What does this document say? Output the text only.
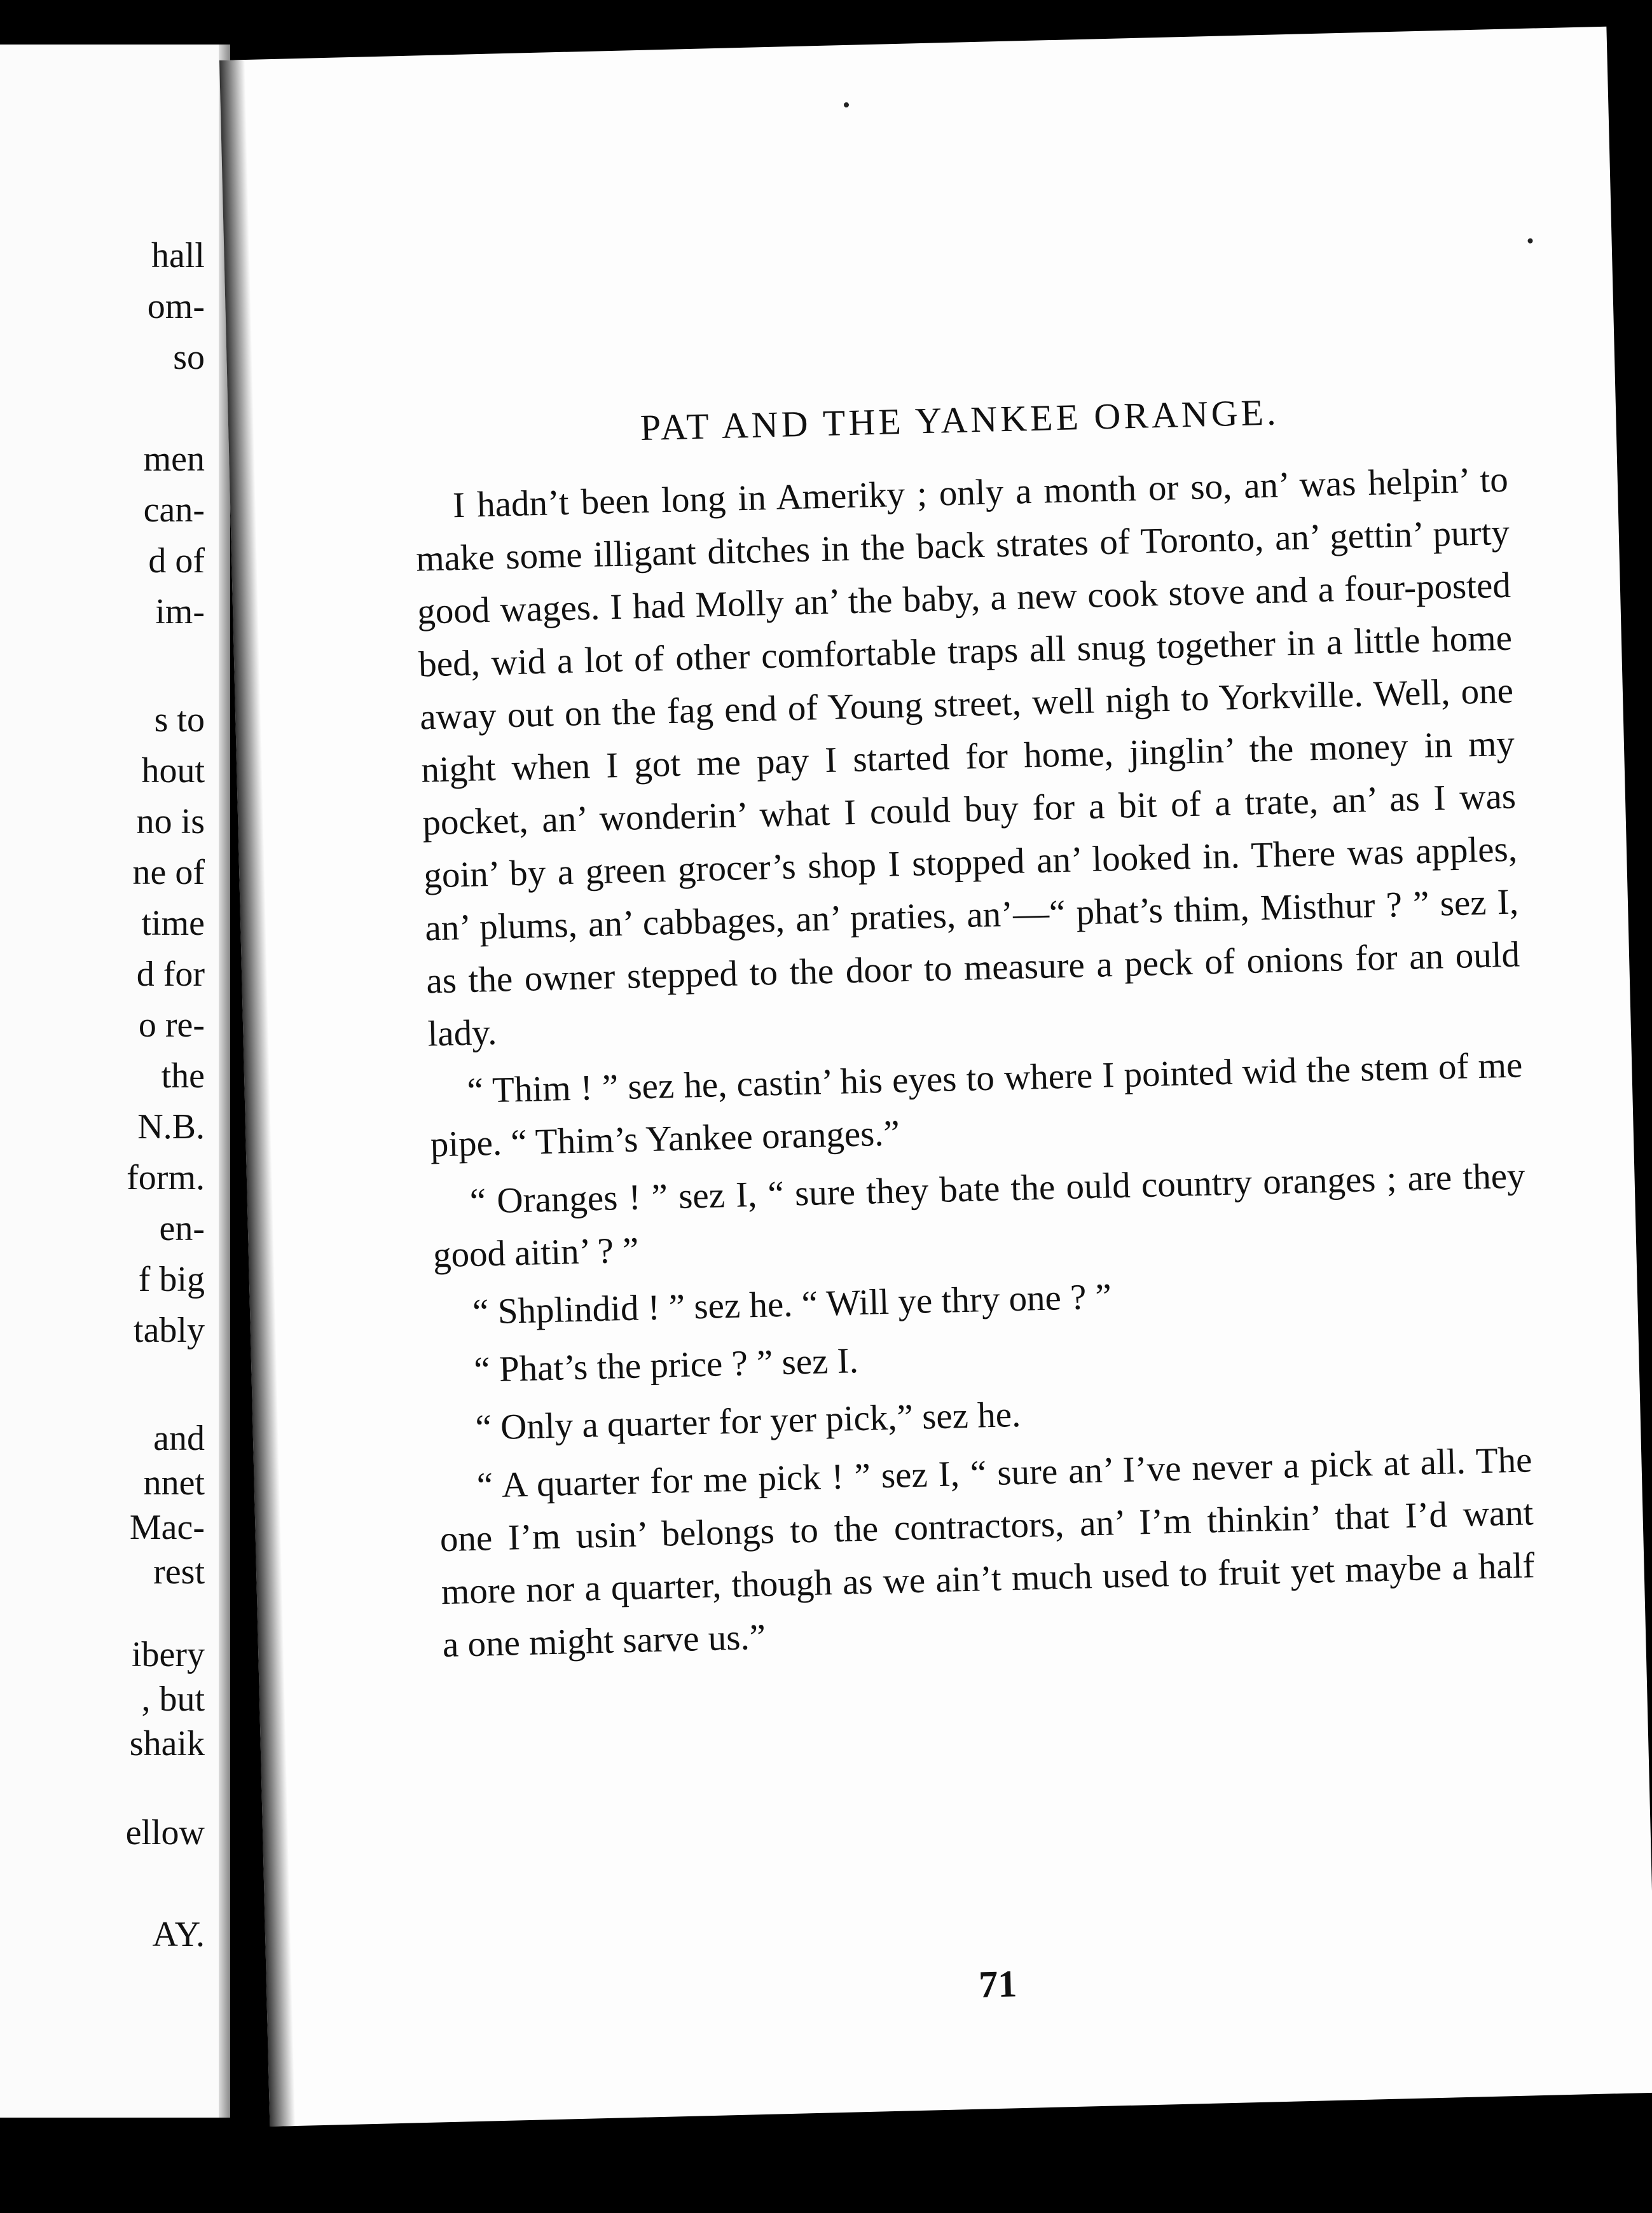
hall
om-
so
men
can-
d of
im-
s to
hout
no is
ne of
time
d for
o re-
the
N.B.
form.
en-
f big
tably
and
nnet
Mac-
rest
ibery
, but
shaik
ellow
AY.
PAT AND THE YANKEE ORANGE.

I hadn’t been long in Ameriky ; only a month or so, an’ was helpin’ to make some illigant ditches in the back strates of Toronto, an’ gettin’ purty good wages. I had Molly an’ the baby, a new cook stove and a four-posted bed, wid a lot of other comfortable traps all snug together in a little home away out on the fag end of Young street, well nigh to Yorkville. Well, one night when I got me pay I started for home, jinglin’ the money in my pocket, an’ wonderin’ what I could buy for a bit of a trate, an’ as I was goin’ by a green grocer’s shop I stopped an’ looked in. There was apples, an’ plums, an’ cabbages, an’ praties, an’—“ phat’s thim, Misthur ? ” sez I, as the owner stepped to the door to measure a peck of onions for an ould lady.

“ Thim ! ” sez he, castin’ his eyes to where I pointed wid the stem of me pipe. “ Thim’s Yankee oranges.”

“ Oranges ! ” sez I, “ sure they bate the ould country oranges ; are they good aitin’ ? ”

“ Shplindid ! ” sez he. “ Will ye thry one ? ”

“ Phat’s the price ? ” sez I.

“ Only a quarter for yer pick,” sez he.

“ A quarter for me pick ! ” sez I, “ sure an’ I’ve never a pick at all. The one I’m usin’ belongs to the contractors, an’ I’m thinkin’ that I’d want more nor a quarter, though as we ain’t much used to fruit yet maybe a half a one might sarve us.”

71
